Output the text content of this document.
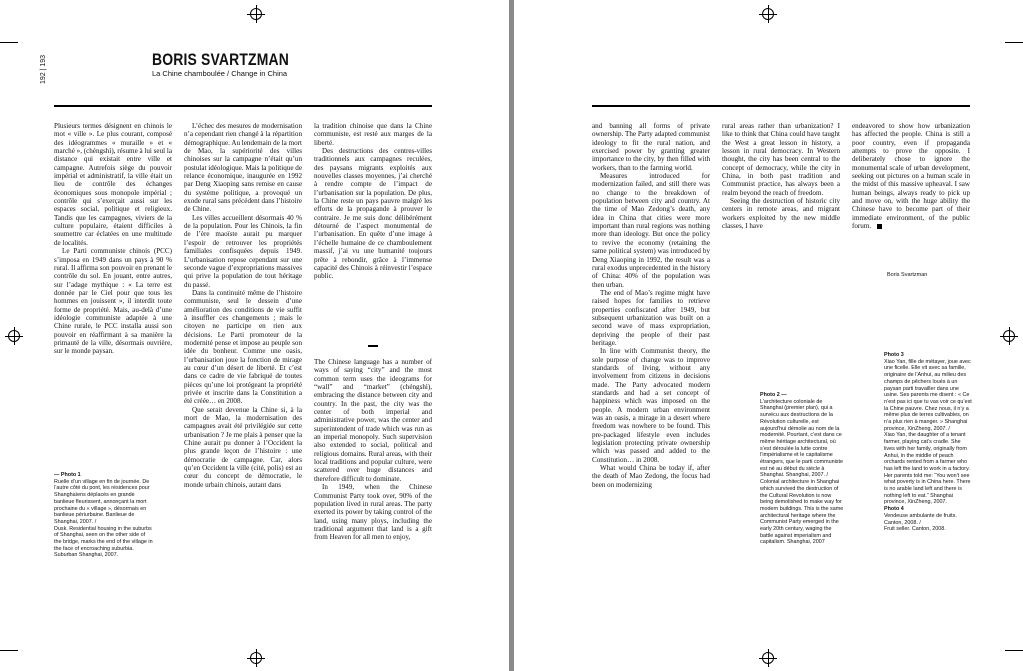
192 | 193	BORIS SVARTZMAN
La Chine chamboulée / Change in China

Plusieurs termes désignent en chinois le mot « ville ». Le plus courant, composé des idéogrammes « muraille » et « marché », (chéngshì), résume à lui seul la distance qui existait entre ville et campagne. Autrefois siège du pouvoir impérial et administratif, la ville était un lieu de contrôle des échanges économiques sous monopole impérial ; contrôle qui s’exerçait aussi sur les espaces social, politique et religieux. Tandis que les campagnes, viviers de la culture populaire, étaient difficiles à soumettre car éclatées en une multitude de localités.

Le Parti communiste chinois (PCC) s’imposa en 1949 dans un pays à 90 % rural. Il affirma son pouvoir en prenant le contrôle du sol. En jouant, entre autres, sur l’adage mythique : « La terre est donnée par le Ciel pour que tous les hommes en jouissent », il interdit toute forme de propriété. Mais, au-delà d’une idéologie communiste adaptée à une Chine rurale, le PCC installa aussi son pouvoir en réaffirmant à sa manière la primauté de la ville, désormais ouvrière, sur le monde paysan.

— Photo 1

Ruelle d’un village en fin de journée. De l’autre côté du pont, les résidences pour Shanghaïens déplacés en grande banlieue fleurissent, annonçant la mort prochaine du « village », désormais en banlieue périurbaine. Banlieue de Shanghai, 2007. /

Dusk. Residential housing in the suburbs of Shanghai, seen on the other side of the bridge, marks the end of the village in the face of encroaching suburbia. Suburban Shanghai, 2007.

L’échec des mesures de modernisation n’a cependant rien changé à la répartition démographique. Au lendemain de la mort de Mao, la supériorité des villes chinoises sur la campagne n’était qu’un postulat idéologique. Mais la politique de relance économique, inaugurée en 1992 par Deng Xiaoping sans remise en cause du système politique, a provoqué un exode rural sans précédent dans l’histoire de Chine.

Les villes accueillent désormais 40 % de la population. Pour les Chinois, la fin de l’ère maoïste aurait pu marquer l’espoir de retrouver les propriétés familiales confisquées depuis 1949. L’urbanisation repose cependant sur une seconde vague d’expropriations massives qui prive la population de tout héritage du passé.

Dans la continuité même de l’histoire communiste, seul le dessein d’une amélioration des conditions de vie suffit à insuffler ces changements ; mais le citoyen ne participe en rien aux décisions. Le Parti promoteur de la modernité pense et impose au peuple son idée du bonheur. Comme une oasis, l’urbanisation joue la fonction de mirage au cœur d’un désert de liberté. Et c’est dans ce cadre de vie fabriqué de toutes pièces qu’une loi protégeant la propriété privée et inscrite dans la Constitution a été créée… en 2008.

Que serait devenue la Chine si, à la mort de Mao, la modernisation des campagnes avait été privilégiée sur cette urbanisation ? Je me plais à penser que la Chine aurait pu donner à l’Occident la plus grande leçon de l’histoire : une démocratie de campagne. Car, alors qu’en Occident la ville (cité, polis) est au cœur du concept de démocratie, le monde urbain chinois, autant dans

la tradition chinoise que dans la Chine communiste, est resté aux marges de la liberté.

Des destructions des centres-villes traditionnels aux campagnes reculées, des paysans migrants exploités aux nouvelles classes moyennes, j’ai cherché à rendre compte de l’impact de l’urbanisation sur la population. De plus, la Chine reste un pays pauvre malgré les efforts de la propagande à prouver le contraire. Je me suis donc délibérément détourné de l’aspect monumental de l’urbanisation. En quête d’une image à l’échelle humaine de ce chamboulement massif, j’ai vu une humanité toujours prête à rebondir, grâce à l’immense capacité des Chinois à réinvestir l’espace public.

The Chinese language has a number of ways of saying “city” and the most common term uses the ideograms for “wall” and “market” (chéngshì), embracing the distance between city and country. In the past, the city was the center of both imperial and administrative power, was the center and superintendent of trade which was run as an imperial monopoly. Such supervision also extended to social, political and religious domains. Rural areas, with their local traditions and popular culture, were scattered over huge distances and therefore difficult to dominate.

In 1949, when the Chinese Communist Party took over, 90% of the population lived in rural areas. The party exerted its power by taking control of the land, using many ploys, including the traditional argument that land is a gift from Heaven for all men to enjoy,

and banning all forms of private ownership. The Party adapted communist ideology to fit the rural nation, and exercised power by granting greater importance to the city, by then filled with workers, than to the farming world.

Measures introduced for modernization failed, and still there was no change to the breakdown of population between city and country. At the time of Mao Zedong’s death, any idea in China that cities were more important than rural regions was nothing more than ideology. But once the policy to revive the economy (retaining the same political system) was introduced by Deng Xiaoping in 1992, the result was a rural exodus unprecedented in the history of China: 40% of the population was then urban.

The end of Mao’s regime might have raised hopes for families to retrieve properties confiscated after 1949, but subsequent urbanization was built on a second wave of mass expropriation, depriving the people of their past heritage.

In line with Communist theory, the sole purpose of change was to improve standards of living, without any involvement from citizens in decisions made. The Party advocated modern standards and had a set concept of happiness which was imposed on the people. A modern urban environment was an oasis, a mirage in a desert where freedom was nowhere to be found. This pre-packaged lifestyle even includes legislation protecting private ownership which was passed and added to the Constitution… in 2008.

What would China be today if, after the death of Mao Zedong, the focus had been on modernizing

rural areas rather than urbanization? I like to think that China could have taught the West a great lesson in history, a lesson in rural democracy. In Western thought, the city has been central to the concept of democracy, while the city in China, in both past tradition and Communist practice, has always been a realm beyond the reach of freedom.

Seeing the destruction of historic city centers in remote areas, and migrant workers exploited by the new middle classes, I have

endeavored to show how urbanization has affected the people. China is still a poor country, even if propaganda attempts to prove the opposite. I deliberately chose to ignore the monumental scale of urban development, seeking out pictures on a human scale in the midst of this massive upheaval. I saw human beings, always ready to pick up and move on, with the huge ability the Chinese have to become part of their immediate environment, of the public forum.

Boris Svartzman

Photo 2 —

L’architecture coloniale de Shanghai (premier plan), qui a survécu aux destructions de la Révolution culturelle, est aujourd’hui démolie au nom de la modernité. Pourtant, c’est dans ce même héritage architectural, où s’est déroulée la lutte contre l’impérialisme et le capitalisme étrangers, que le parti communiste est né au début du siècle à Shanghai. Shanghai, 2007. /

Colonial architecture in Shanghai which survived the destruction of the Cultural Revolution is now being demolished to make way for modern buildings. This is the same architectural heritage where the Communist Party emerged in the early 20th century, waging the battle against imperialism and capitalism. Shanghai, 2007

Photo 3

Xiao Yan, fille de métayer, joue avec une ficelle. Elle vit avec sa famille, originaire de l’Anhui, au milieu des champs de pêchers loués à un paysan parti travailler dans une usine. Ses parents me disent : « Ce n’est pas ici que tu vas voir ce qu’est la Chine pauvre. Chez nous, il n’y a même plus de terres cultivables, on n’a plus rien à manger. » Shanghai province, XinZheng, 2007. /

Xiao Yan, the daughter of a tenant farmer, playing cat’s cradle. She lives with her family, originally from Anhui, in the middle of peach orchards rented from a farmer who has left the land to work in a factory. Her parents told me: “You won’t see what poverty is in China here. There is no arable land left and there is nothing left to eat.” Shanghai province, XinZheng, 2007.

Photo 4

Vendeuse ambulante de fruits. Canton, 2008. /

Fruit seller. Canton, 2008.
